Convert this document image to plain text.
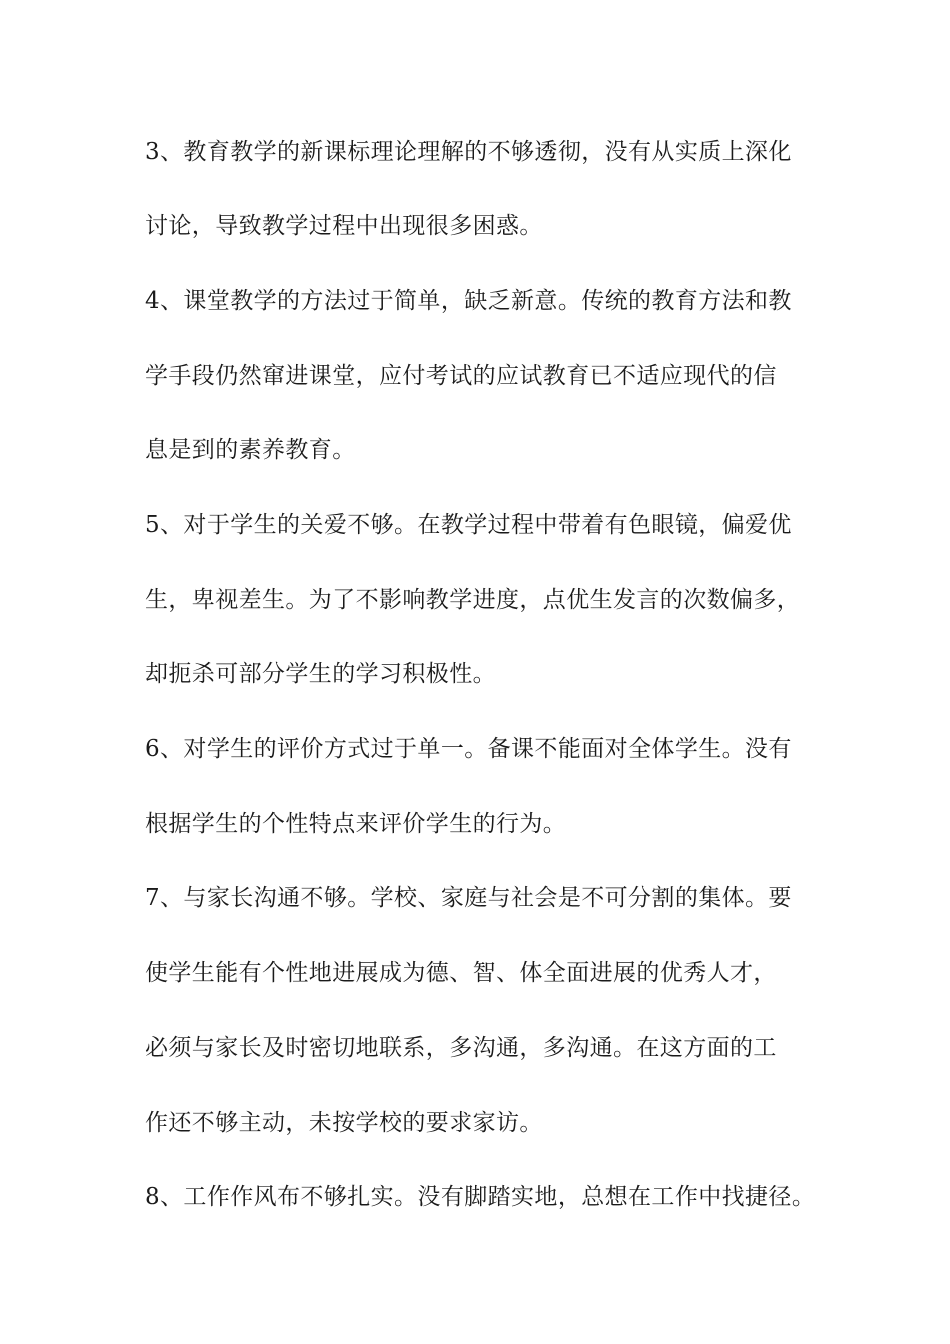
3、教育教学的新课标理论理解的不够透彻，没有从实质上深化
讨论，导致教学过程中出现很多困惑。
4、课堂教学的方法过于简单，缺乏新意。传统的教育方法和教
学手段仍然窜进课堂，应付考试的应试教育已不适应现代的信
息是到的素养教育。
5、对于学生的关爱不够。在教学过程中带着有色眼镜，偏爱优
生，卑视差生。为了不影响教学进度，点优生发言的次数偏多，
却扼杀可部分学生的学习积极性。
6、对学生的评价方式过于单一。备课不能面对全体学生。没有
根据学生的个性特点来评价学生的行为。
7、与家长沟通不够。学校、家庭与社会是不可分割的集体。要
使学生能有个性地进展成为德、智、体全面进展的优秀人才，
必须与家长及时密切地联系，多沟通，多沟通。在这方面的工
作还不够主动，未按学校的要求家访。
8、工作作风布不够扎实。没有脚踏实地，总想在工作中找捷径。
